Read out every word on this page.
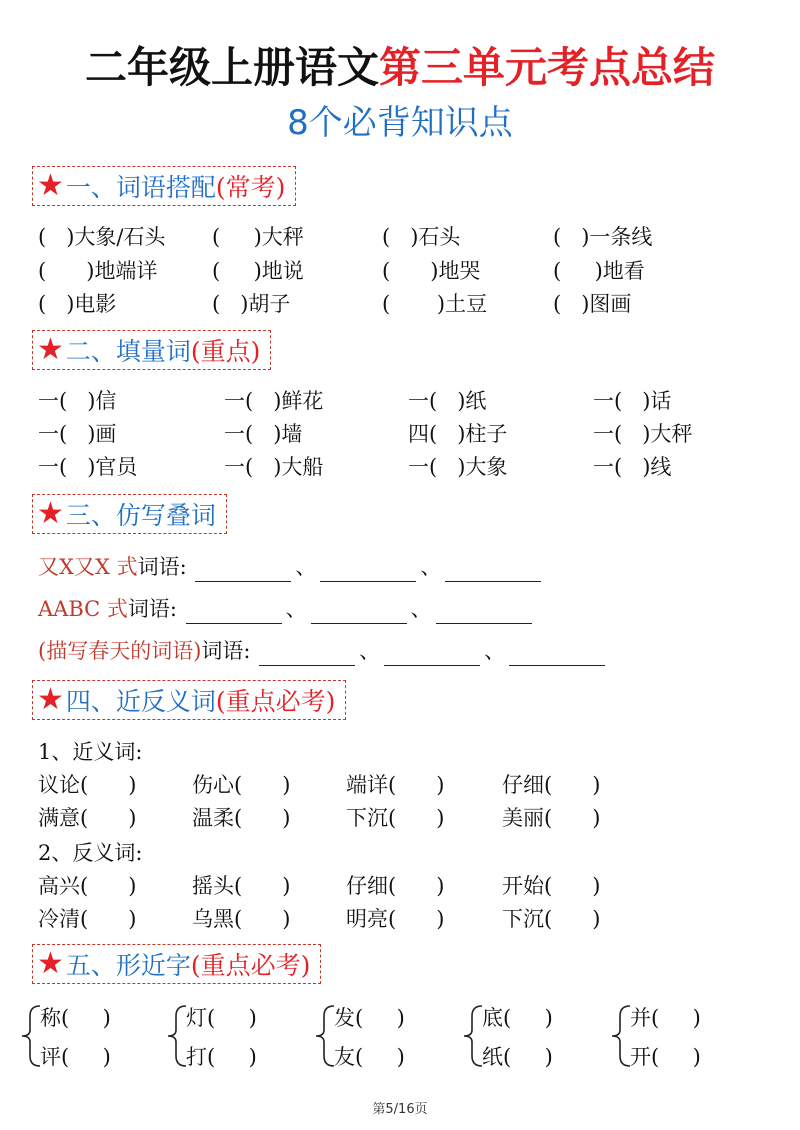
二年级上册语文第三单元考点总结
8个必背知识点
★ 一、词语搭配 (常考)
(   )大象/石头 (     )大秤	(   )石头	(   )一条线
(      )地端详	(     )地说	(      )地哭	(     )地看
(   )电影	(   )胡子	(       )土豆	(   )图画
★ 二、填量词 (重点)
一(   )信	一(   )鲜花	一(   )纸	一(   )话
一(   )画	一(   )墙	四(   )柱子	一(   )大秤
一(   )官员	一(   )大船	一(   )大象	一(   )线
★ 三、仿写叠词
又X又X 式词语:	、	、
AABC 式词语:	、	、
(描写春天的词语)词语:	、	、
★ 四、近反义词 (重点必考)
1、近义词:
议论(      )	伤心(      )	端详(      )	仔细(      )
满意(      )	温柔(      )	下沉(      )	美丽(      )
2、反义词:
高兴(      )	摇头(      )	仔细(      )	开始(      )
冷清(      )	乌黑(      )	明亮(      )	下沉(      )
★ 五、形近字 (重点必考)
称(     )	灯(     )	发(     )	底(     )	并(     )
评(     )	打(     )	友(     )	纸(     )	开(     )
第5/16页
